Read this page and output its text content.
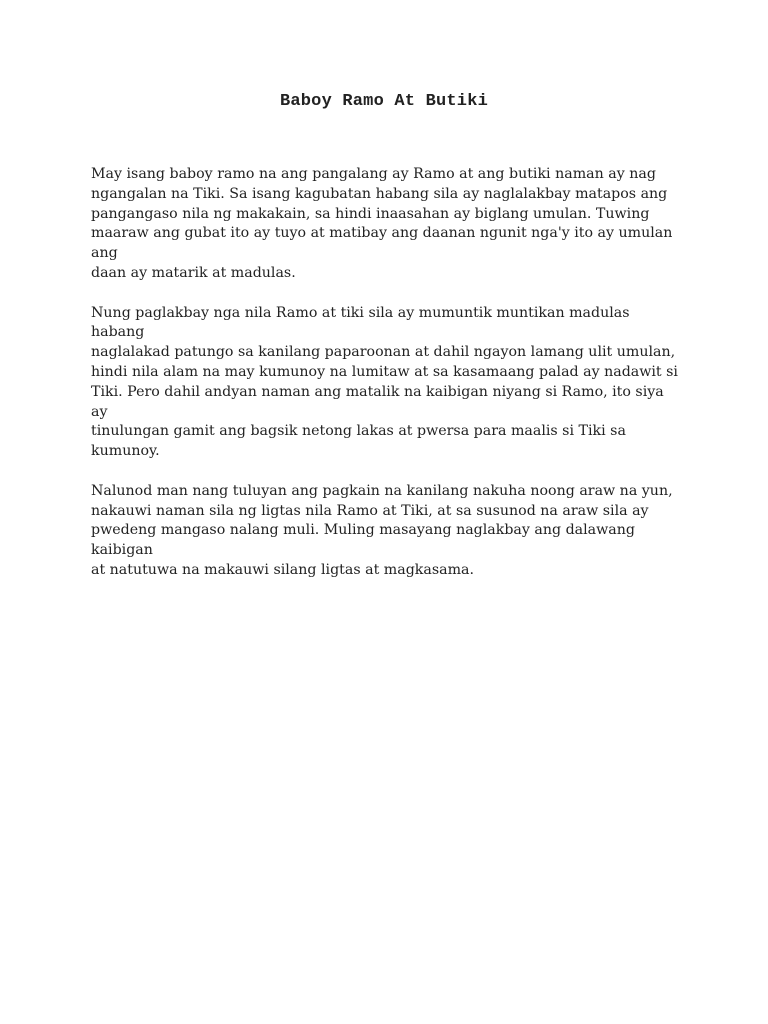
Baboy Ramo At Butiki

May isang baboy ramo na ang pangalang ay Ramo at ang butiki naman ay nag
ngangalan na Tiki. Sa isang kagubatan habang sila ay naglalakbay matapos ang
pangangaso nila ng makakain, sa hindi inaasahan ay biglang umulan. Tuwing
maaraw ang gubat ito ay tuyo at matibay ang daanan ngunit nga'y ito ay umulan ang
daan ay matarik at madulas.

Nung paglakbay nga nila Ramo at tiki sila ay mumuntik muntikan madulas habang
naglalakad patungo sa kanilang paparoonan at dahil ngayon lamang ulit umulan,
hindi nila alam na may kumunoy na lumitaw at sa kasamaang palad ay nadawit si
Tiki. Pero dahil andyan naman ang matalik na kaibigan niyang si Ramo, ito siya ay
tinulungan gamit ang bagsik netong lakas at pwersa para maalis si Tiki sa kumunoy.

Nalunod man nang tuluyan ang pagkain na kanilang nakuha noong araw na yun,
nakauwi naman sila ng ligtas nila Ramo at Tiki, at sa susunod na araw sila ay
pwedeng mangaso nalang muli. Muling masayang naglakbay ang dalawang kaibigan
at natutuwa na makauwi silang ligtas at magkasama.
